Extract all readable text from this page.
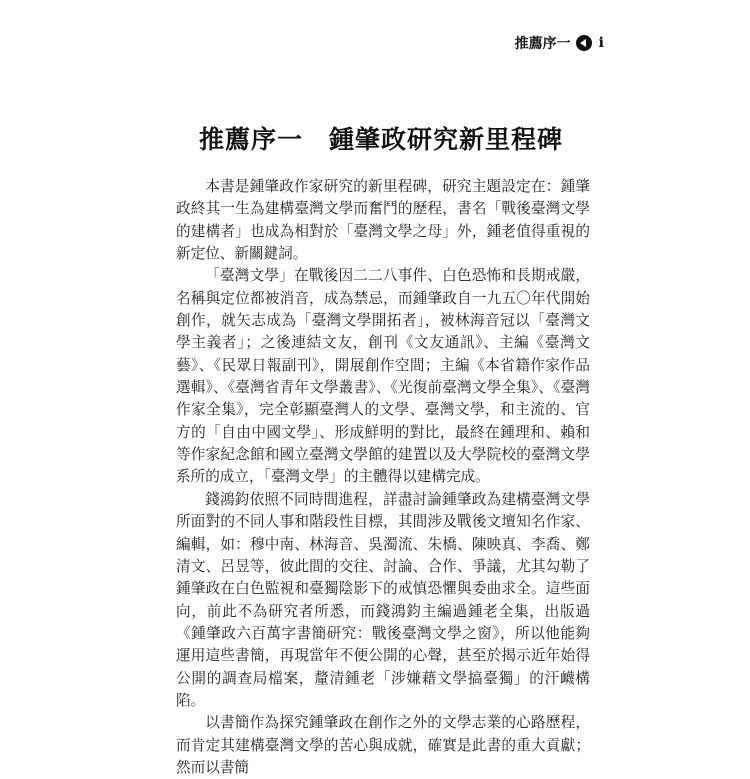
推薦序一 i
推薦序一　鍾肇政研究新里程碑

本書是鍾肇政作家研究的新里程碑，研究主題設定在：鍾肇政終其一生為建構臺灣文學而奮鬥的歷程，書名「戰後臺灣文學的建構者」也成為相對於「臺灣文學之母」外，鍾老值得重視的新定位、新關鍵詞。

「臺灣文學」在戰後因二二八事件、白色恐怖和長期戒嚴，名稱與定位都被消音，成為禁忌，而鍾肇政自一九五〇年代開始創作，就矢志成為「臺灣文學開拓者」，被林海音冠以「臺灣文學主義者」；之後連結文友，創刊《文友通訊》、主編《臺灣文藝》、《民眾日報副刊》，開展創作空間；主編《本省籍作家作品選輯》、《臺灣省青年文學叢書》、《光復前臺灣文學全集》、《臺灣作家全集》，完全彰顯臺灣人的文學、臺灣文學，和主流的、官方的「自由中國文學」、形成鮮明的對比，最終在鍾理和、賴和等作家紀念館和國立臺灣文學館的建置以及大學院校的臺灣文學系所的成立，「臺灣文學」的主體得以建構完成。

錢鴻鈞依照不同時間進程，詳盡討論鍾肇政為建構臺灣文學所面對的不同人事和階段性目標，其間涉及戰後文壇知名作家、編輯，如：穆中南、林海音、吳濁流、朱橋、陳映真、李喬、鄭清文、呂昱等，彼此間的交往、討論、合作、爭議，尤其勾勒了鍾肇政在白色監視和臺獨陰影下的戒慎恐懼與委曲求全。這些面向，前此不為研究者所悉，而錢鴻鈞主編過鍾老全集，出版過《鍾肇政六百萬字書簡研究：戰後臺灣文學之窗》，所以他能夠運用這些書簡，再現當年不便公開的心聲，甚至於揭示近年始得公開的調查局檔案，釐清鍾老「涉嫌藉文學搞臺獨」的汗衊構陷。

以書簡作為探究鍾肇政在創作之外的文學志業的心路歷程，而肯定其建構臺灣文學的苦心與成就，確實是此書的重大貢獻；然而以書簡
